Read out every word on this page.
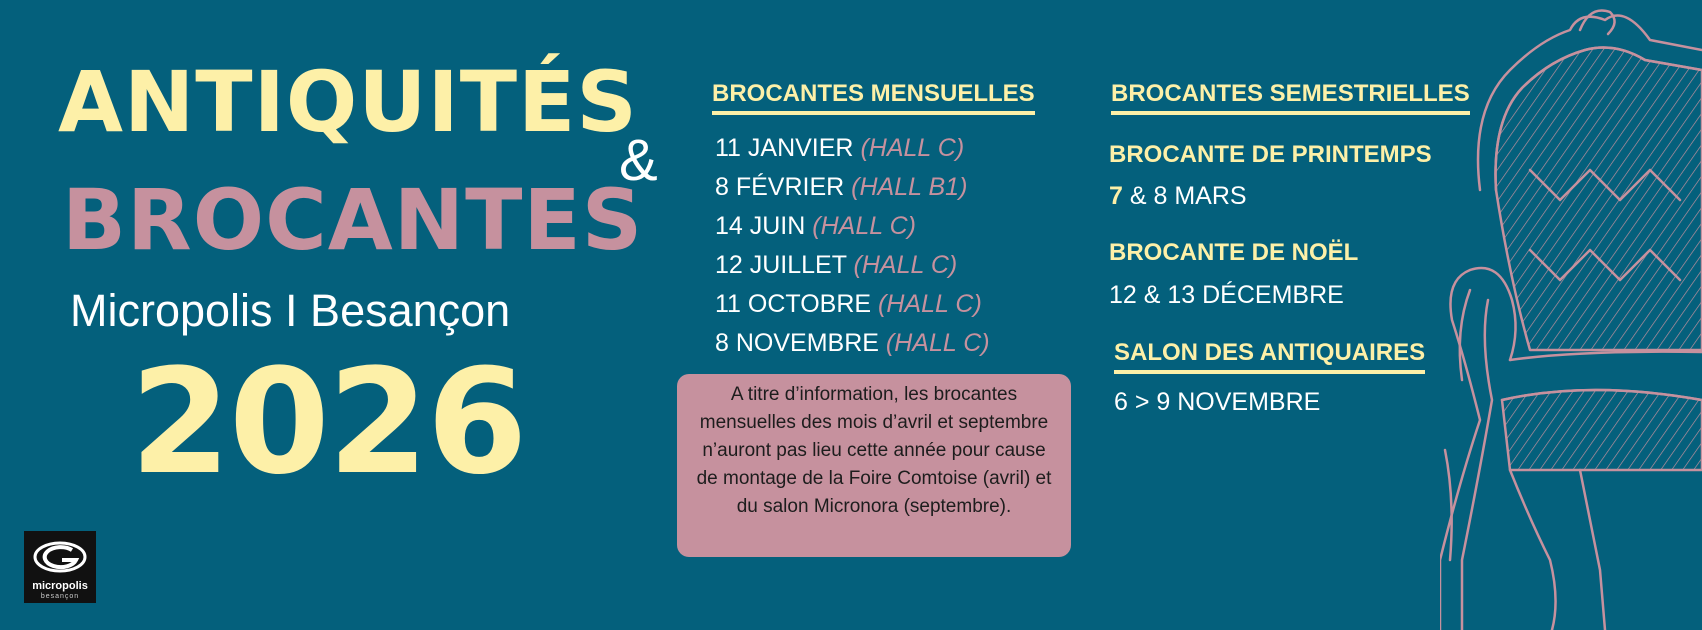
ANTIQUITÉS
&
BROCANTES
Micropolis I Besançon
2026
micropolis
besançon
BROCANTES MENSUELLES
11 JANVIER (HALL C)
8 FÉVRIER (HALL B1)
14 JUIN (HALL C)
12 JUILLET (HALL C)
11 OCTOBRE (HALL C)
8 NOVEMBRE (HALL C)
A titre d’information, les brocantes mensuelles des mois d’avril et septembre n’auront pas lieu cette année pour cause de montage de la Foire Comtoise (avril) et du salon Micronora (septembre).
BROCANTES SEMESTRIELLES
BROCANTE DE PRINTEMPS
7 & 8 MARS
BROCANTE DE NOËL
12 & 13 DÉCEMBRE
SALON DES ANTIQUAIRES
6 > 9 NOVEMBRE
